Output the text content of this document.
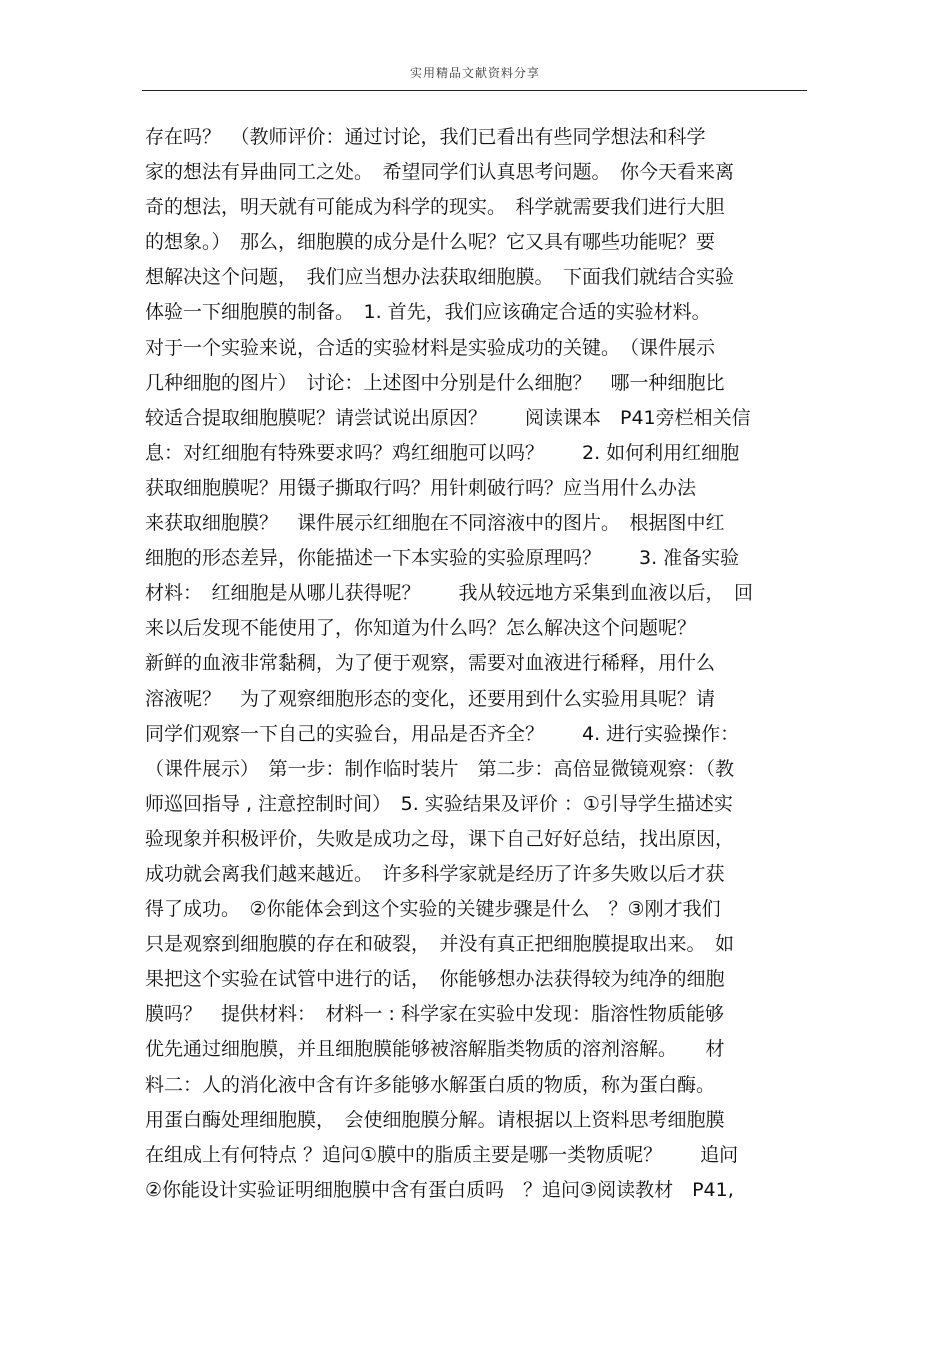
实用精品文献资料分享
存在吗？　（教师评价：通过讨论，我们已看出有些同学想法和科学
家的想法有异曲同工之处。　希望同学们认真思考问题。　你今天看来离
奇的想法，明天就有可能成为科学的现实。　科学就需要我们进行大胆
的想象。）　那么，细胞膜的成分是什么呢？它又具有哪些功能呢？要
想解决这个问题，　我们应当想办法获取细胞膜。　下面我们就结合实验
体验一下细胞膜的制备。　1. 首先，我们应该确定合适的实验材料。
对于一个实验来说，合适的实验材料是实验成功的关键。　（课件展示
几种细胞的图片）　讨论：上述图中分别是什么细胞？　哪一种细胞比
较适合提取细胞膜呢？请尝试说出原因？　　阅读课本　P41旁栏相关信
息：对红细胞有特殊要求吗？鸡红细胞可以吗？　　2. 如何利用红细胞
获取细胞膜呢？用镊子撕取行吗？用针刺破行吗？应当用什么办法
来获取细胞膜？　课件展示红细胞在不同溶液中的图片。　根据图中红
细胞的形态差异，你能描述一下本实验的实验原理吗？　　3. 准备实验
材料：　红细胞是从哪儿获得呢？　　我从较远地方采集到血液以后，　回
来以后发现不能使用了，你知道为什么吗？怎么解决这个问题呢？
新鲜的血液非常黏稠，为了便于观察，需要对血液进行稀释，用什么
溶液呢？　为了观察细胞形态的变化，还要用到什么实验用具呢？请
同学们观察一下自己的实验台，用品是否齐全？　　4. 进行实验操作：
（课件展示）　第一步：制作临时装片　第二步：高倍显微镜观察：（教
师巡回指导 , 注意控制时间）　5. 实验结果及评价 ：①引导学生描述实
验现象并积极评价，失败是成功之母，课下自己好好总结，找出原因，
成功就会离我们越来越近。　许多科学家就是经历了许多失败以后才获
得了成功。　②你能体会到这个实验的关键步骤是什么　？③刚才我们
只是观察到细胞膜的存在和破裂，　并没有真正把细胞膜提取出来。　如
果把这个实验在试管中进行的话，　你能够想办法获得较为纯净的细胞
膜吗？　提供材料：　材料一 : 科学家在实验中发现：脂溶性物质能够
优先通过细胞膜，并且细胞膜能够被溶解脂类物质的溶剂溶解。　　材
料二：人的消化液中含有许多能够水解蛋白质的物质，称为蛋白酶。
用蛋白酶处理细胞膜，　会使细胞膜分解。请根据以上资料思考细胞膜
在组成上有何特点 ？追问①膜中的脂质主要是哪一类物质呢？　　追问
②你能设计实验证明细胞膜中含有蛋白质吗　？追问③阅读教材　P41,
